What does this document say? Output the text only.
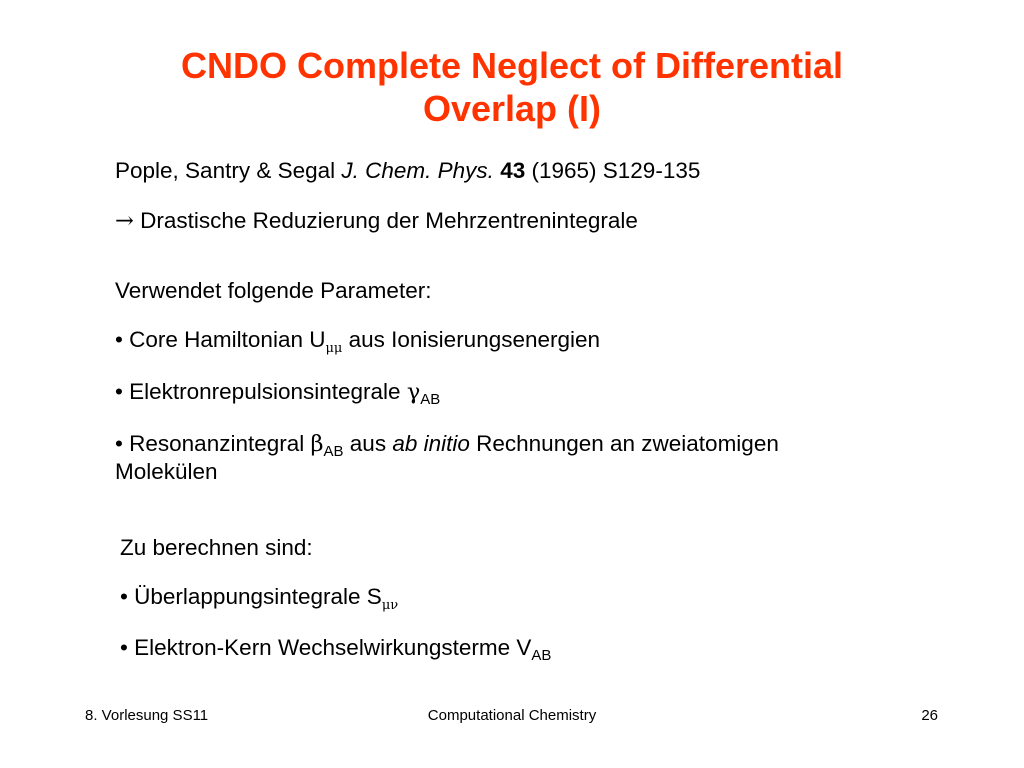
CNDO Complete Neglect of Differential
Overlap (I)
Pople, Santry & Segal J. Chem. Phys. 43 (1965) S129-135
→ Drastische Reduzierung der Mehrzentrenintegrale
Verwendet folgende Parameter:
• Core Hamiltonian $U_{\mu\mu}$ aus Ionisierungsenergien
• Elektronrepulsionsintegrale $\gamma_{AB}$
• Resonanzintegral $\beta_{AB}$ aus ab initio Rechnungen an zweiatomigen Molekülen
Zu berechnen sind:
• Überlappungsintegrale $S_{\mu\nu}$
• Elektron-Kern Wechselwirkungsterme $V_{AB}$
8. Vorlesung SS11	Computational Chemistry	26
